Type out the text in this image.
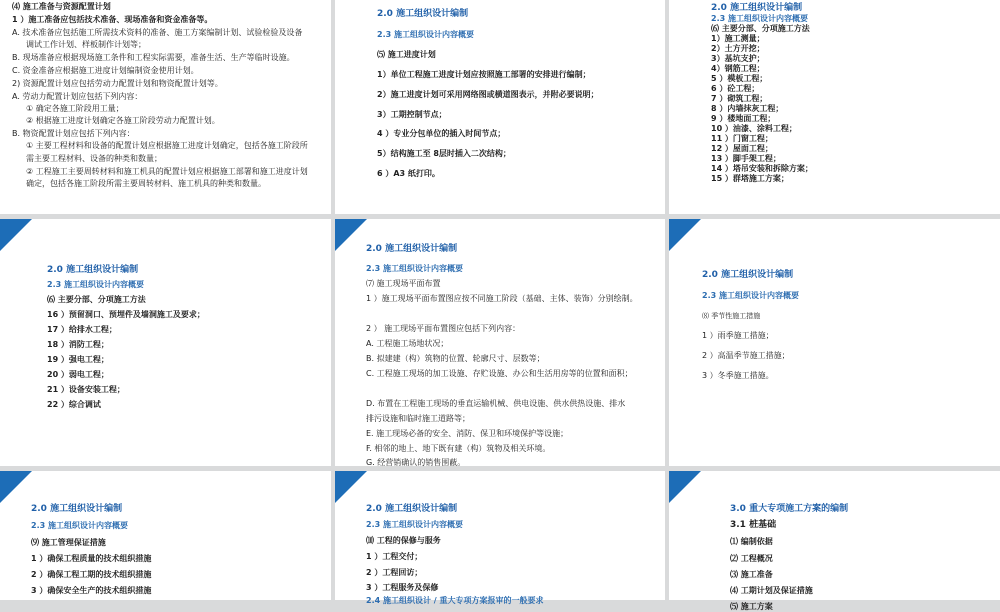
⑷ 施工准备与资源配置计划
1 ）施工准备应包括技术准备、现场准备和资金准备等。
A. 技术准备应包括施工所需技术资料的准备、施工方案编制计划、试验检验及设备
调试工作计划、样板制作计划等；
B. 现场准备应根据现场施工条件和工程实际需要，准备生活、生产等临时设施。
C. 资金准备应根据施工进度计划编制资金使用计划。
2) 资源配置计划应包括劳动力配置计划和物资配置计划等。
A. 劳动力配置计划应包括下列内容：
① 确定各施工阶段用工量；
② 根据施工进度计划确定各施工阶段劳动力配置计划。
B. 物资配置计划应包括下列内容：
① 主要工程材料和设备的配置计划应根据施工进度计划确定，包括各施工阶段所
需主要工程材料、设备的种类和数量；
② 工程施工主要周转材料和施工机具的配置计划应根据施工部署和施工进度计划
确定，包括各施工阶段所需主要周转材料、施工机具的种类和数量。
2.0 施工组织设计编制
2.3 施工组织设计内容概要
⑸ 施工进度计划
1）单位工程施工进度计划应按照施工部署的安排进行编制；
2）施工进度计划可采用网络图或横道图表示，并附必要说明；
3）工期控制节点；
4 ）专业分包单位的插入时间节点；
5）结构施工至 8层时插入二次结构；
6 ）A3 纸打印。
2.0 施工组织设计编制
2.3 施工组织设计内容概要
⑹ 主要分部、分项施工方法
1）施工测量；
2）土方开挖；
3）基坑支护；
4）钢筋工程；
5 ）模板工程；
6 ）砼工程；
7 ）砌筑工程；
8 ）内墙抹灰工程；
9 ）楼地面工程；
10 ）油漆、涂料工程；
11 ）门窗工程；
12 ）屋面工程；
13 ）脚手架工程；
14 ）塔吊安装和拆除方案；
15 ）群塔施工方案；
2.0 施工组织设计编制
2.3 施工组织设计内容概要
⑹ 主要分部、分项施工方法
16 ）预留洞口、预埋件及墙洞施工及要求；
17 ）给排水工程；
18 ）消防工程；
19 ）强电工程；
20 ）弱电工程；
21 ）设备安装工程；
22 ）综合调试
2.0 施工组织设计编制
2.3 施工组织设计内容概要
⑺ 施工现场平面布置
1 ）施工现场平面布置图应按不同施工阶段（基础、主体、装饰）分别绘制。
2 ） 施工现场平面布置图应包括下列内容：
A. 工程施工场地状况；
B. 拟建建（构）筑物的位置、轮廓尺寸、层数等；
C. 工程施工现场的加工设施、存贮设施、办公和生活用房等的位置和面积；
D. 布置在工程施工现场的垂直运输机械、供电设施、供水供热设施、排水
排污设施和临时施工道路等；
E. 施工现场必备的安全、消防、保卫和环境保护等设施；
F. 相邻的地上、地下既有建（构）筑物及相关环境。
G. 经营销确认的销售围蔽。
2.0 施工组织设计编制
2.3 施工组织设计内容概要
⑻ 季节性施工措施
1 ）雨季施工措施；
2 ）高温季节施工措施；
3 ）冬季施工措施。
2.0 施工组织设计编制
2.3 施工组织设计内容概要
⑼ 施工管理保证措施
1 ）确保工程质量的技术组织措施
2 ）确保工程工期的技术组织措施
3 ）确保安全生产的技术组织措施
2.0 施工组织设计编制
2.3 施工组织设计内容概要
⑽ 工程的保修与服务
1 ）工程交付；
2 ）工程回访；
3 ）工程服务及保修
2.4 施工组织设计 / 重大专项方案报审的一般要求
3.0 重大专项施工方案的编制
3.1 桩基础
⑴ 编制依据
⑵ 工程概况
⑶ 施工准备
⑷ 工期计划及保证措施
⑸ 施工方案
